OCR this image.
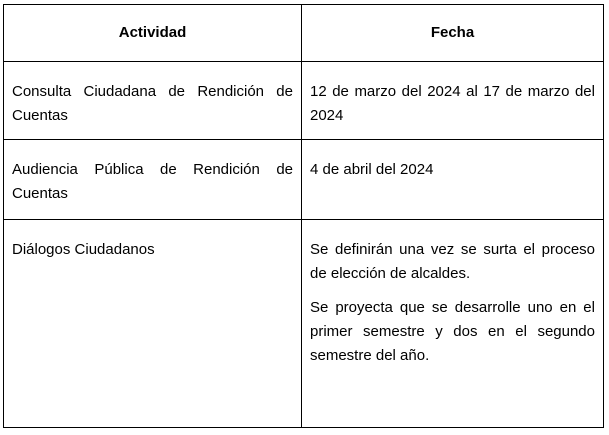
Actividad	Fecha
Consulta Ciudadana de Rendición de Cuentas	12 de marzo del 2024 al 17 de marzo del 2024

Audiencia Pública de Rendición de Cuentas	4 de abril del 2024

Diálogos Ciudadanos	Se definirán una vez se surta el proceso de elección de alcaldes.

Se proyecta que se desarrolle uno en el primer semestre y dos en el segundo semestre del año.
